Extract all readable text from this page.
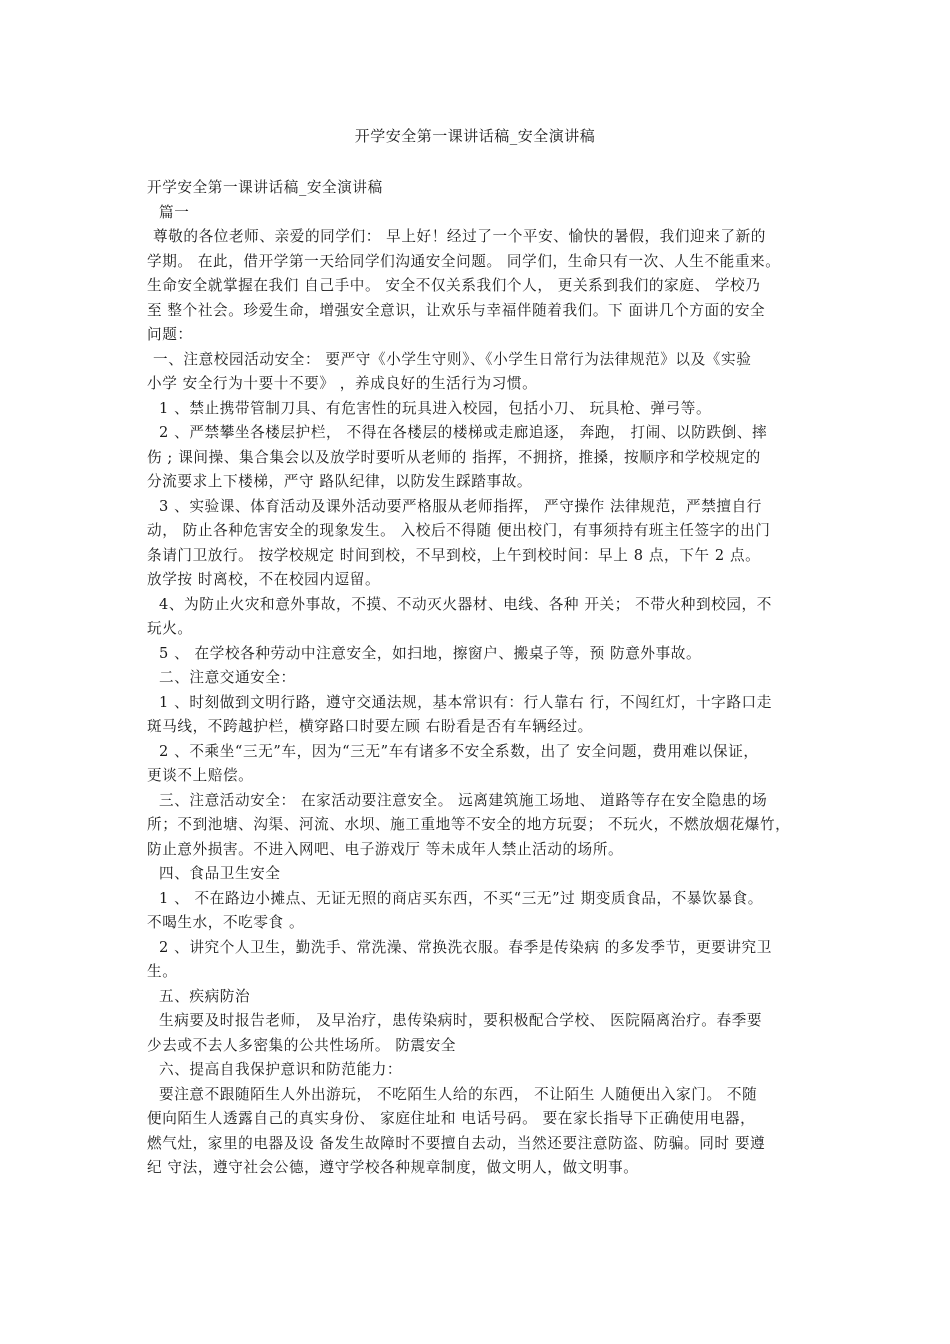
开学安全第一课讲话稿_安全演讲稿
开学安全第一课讲话稿_安全演讲稿
篇一
尊敬的各位老师、亲爱的同学们： 早上好！经过了一个平安、愉快的暑假，我们迎来了新的
学期。 在此，借开学第一天给同学们沟通安全问题。 同学们，生命只有一次、人生不能重来。
生命安全就掌握在我们 自己手中。 安全不仅关系我们个人， 更关系到我们的家庭、 学校乃
至 整个社会。珍爱生命，增强安全意识，让欢乐与幸福伴随着我们。下 面讲几个方面的安全
问题：
一、注意校园活动安全： 要严守《小学生守则》、《小学生日常行为法律规范》以及《实验
小学 安全行为十要十不要》 ，养成良好的生活行为习惯。
1 、禁止携带管制刀具、有危害性的玩具进入校园，包括小刀、 玩具枪、弹弓等。
2 、严禁攀坐各楼层护栏， 不得在各楼层的楼梯或走廊追逐， 奔跑， 打闹、以防跌倒、摔
伤 ; 课间操、集合集会以及放学时要听从老师的 指挥，不拥挤，推搡，按顺序和学校规定的
分流要求上下楼梯，严守 路队纪律，以防发生踩踏事故。
3 、实验课、体育活动及课外活动要严格服从老师指挥， 严守操作 法律规范，严禁擅自行
动， 防止各种危害安全的现象发生。 入校后不得随 便出校门，有事须持有班主任签字的出门
条请门卫放行。 按学校规定 时间到校，不早到校，上午到校时间：早上 8 点，下午 2 点。
放学按 时离校，不在校园内逗留。
4、为防止火灾和意外事故，不摸、不动灭火器材、电线、各种 开关； 不带火种到校园，不
玩火。
5 、 在学校各种劳动中注意安全，如扫地，擦窗户、搬桌子等，预 防意外事故。
二、注意交通安全：
1 、时刻做到文明行路，遵守交通法规，基本常识有：行人靠右 行，不闯红灯，十字路口走
斑马线，不跨越护栏，横穿路口时要左顾 右盼看是否有车辆经过。
2 、不乘坐“三无”车，因为“三无”车有诸多不安全系数，出了 安全问题，费用难以保证，
更谈不上赔偿。
三、注意活动安全： 在家活动要注意安全。 远离建筑施工场地、 道路等存在安全隐患的场
所；不到池塘、沟渠、河流、水坝、施工重地等不安全的地方玩耍； 不玩火，不燃放烟花爆竹，
防止意外损害。不进入网吧、电子游戏厅 等未成年人禁止活动的场所。
四、食品卫生安全
1 、 不在路边小摊点、无证无照的商店买东西，不买“三无”过 期变质食品，不暴饮暴食。
不喝生水，不吃零食 。
2 、讲究个人卫生，勤洗手、常洗澡、常换洗衣服。春季是传染病 的多发季节，更要讲究卫
生。
五、疾病防治
生病要及时报告老师， 及早治疗，患传染病时，要积极配合学校、 医院隔离治疗。春季要
少去或不去人多密集的公共性场所。 防震安全
六、提高自我保护意识和防范能力：
要注意不跟随陌生人外出游玩， 不吃陌生人给的东西， 不让陌生 人随便出入家门。 不随
便向陌生人透露自己的真实身份、 家庭住址和 电话号码。 要在家长指导下正确使用电器，
燃气灶，家里的电器及设 备发生故障时不要擅自去动，当然还要注意防盗、防骗。同时 要遵
纪 守法，遵守社会公德，遵守学校各种规章制度，做文明人，做文明事。
